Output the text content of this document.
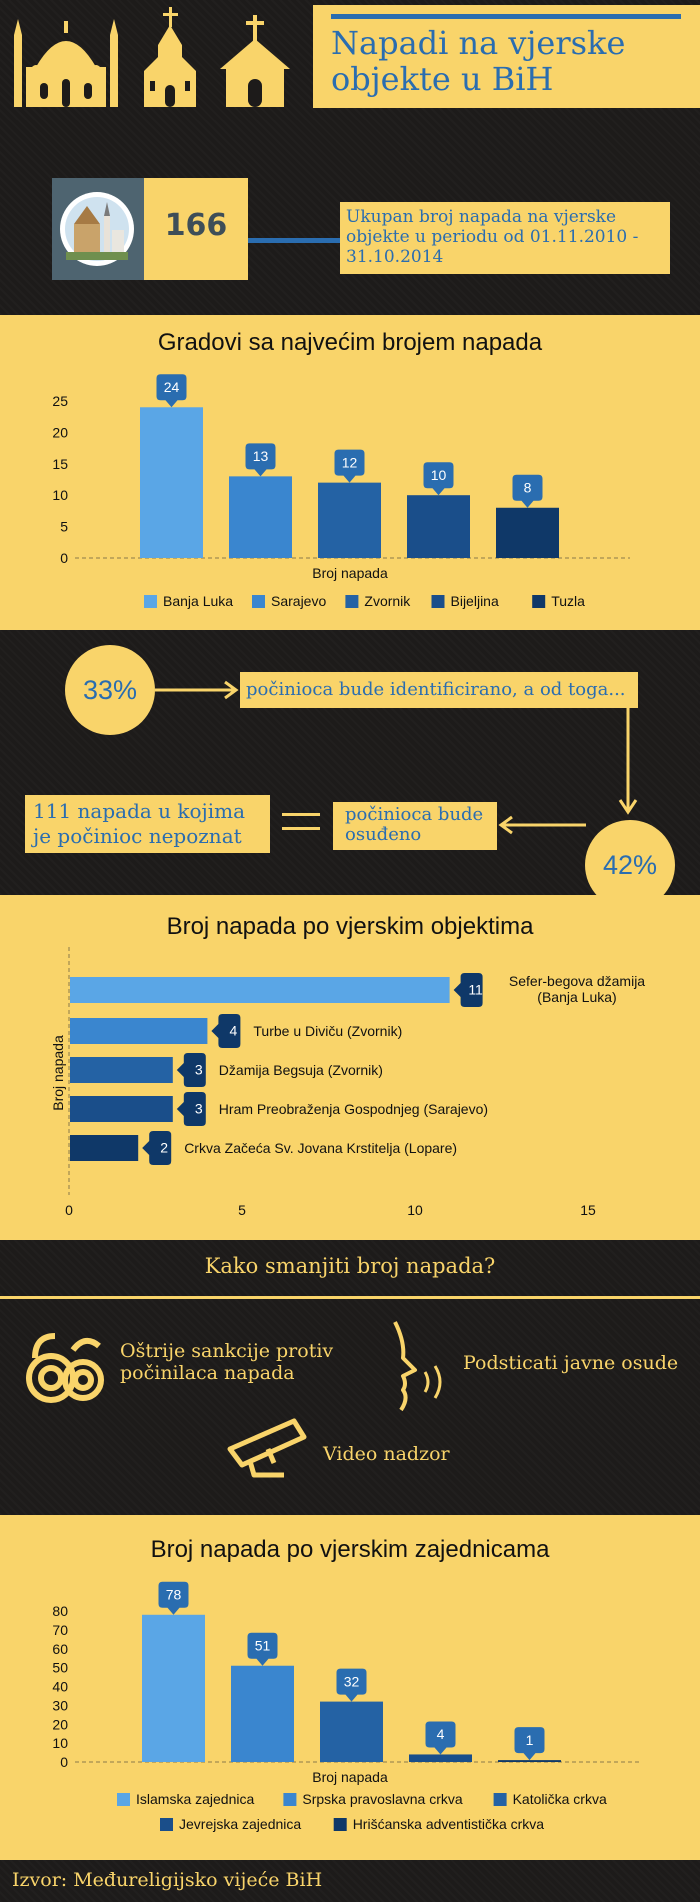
Napadi na vjerske
objekte u BiH
166	Ukupan broj napada na vjerske objekte u periodu od 01.11.2010 - 31.10.2014
Gradovi sa najvećim brojem napada
0
5
10
15
20
25
24
13	12
10
8
Broj napada
Banja Luka	Sarajevo	Zvornik	Bijeljina	Tuzla
33%	počinioca bude identificirano, a od toga...
42%
počinioca bude osuđeno
111 napada u kojima je počinioc nepoznat
Broj napada po vjerskim objektima
Broj napada
0	5	10	15
11
Sefer-begova džamija
(Banja Luka)
4 Turbe u Diviču (Zvornik)
3 Džamija Begsuja (Zvornik)
3 Hram Preobraženja Gospodnjeg (Sarajevo)
2 Crkva Začeća Sv. Jovana Krstitelja (Lopare)
Kako smanjiti broj napada?
Oštrije sankcije protiv počinilaca napada	Podsticati javne osude
Video nadzor
Broj napada po vjerskim zajednicama
0
10
20
30
40
50
60
70
80
78
51
32
4	1
Broj napada
Islamska zajednica	Srpska pravoslavna crkva	Katolička crkva
Jevrejska zajednica	Hrišćanska adventistička crkva
Izvor: Međureligijsko vijeće BiH
